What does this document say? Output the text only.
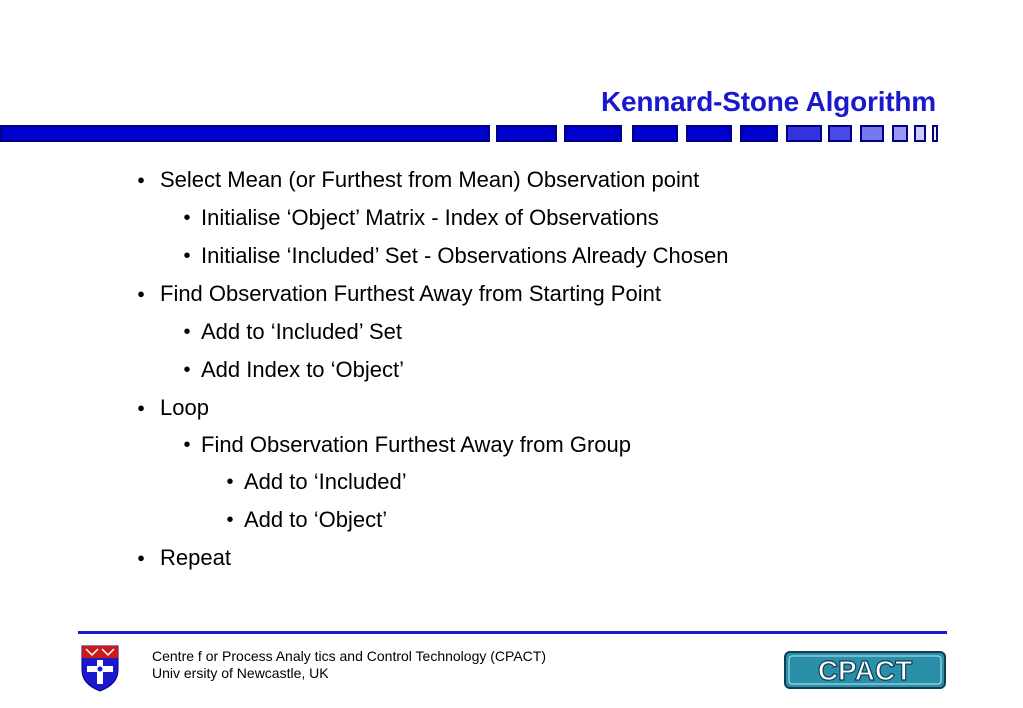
Kennard-Stone Algorithm
● Select Mean (or Furthest from Mean) Observation point
• Initialise ‘Object’ Matrix - Index of Observations
• Initialise ‘Included’ Set - Observations Already Chosen
● Find Observation Furthest Away from Starting Point
• Add to ‘Included’ Set
• Add Index to ‘Object’
● Loop
• Find Observation Furthest Away from Group
• Add to ‘Included’
• Add to ‘Object’
● Repeat
Centre f or Process Analy tics and Control Technology (CPACT)
Univ ersity of Newcastle, UK	CPACT
